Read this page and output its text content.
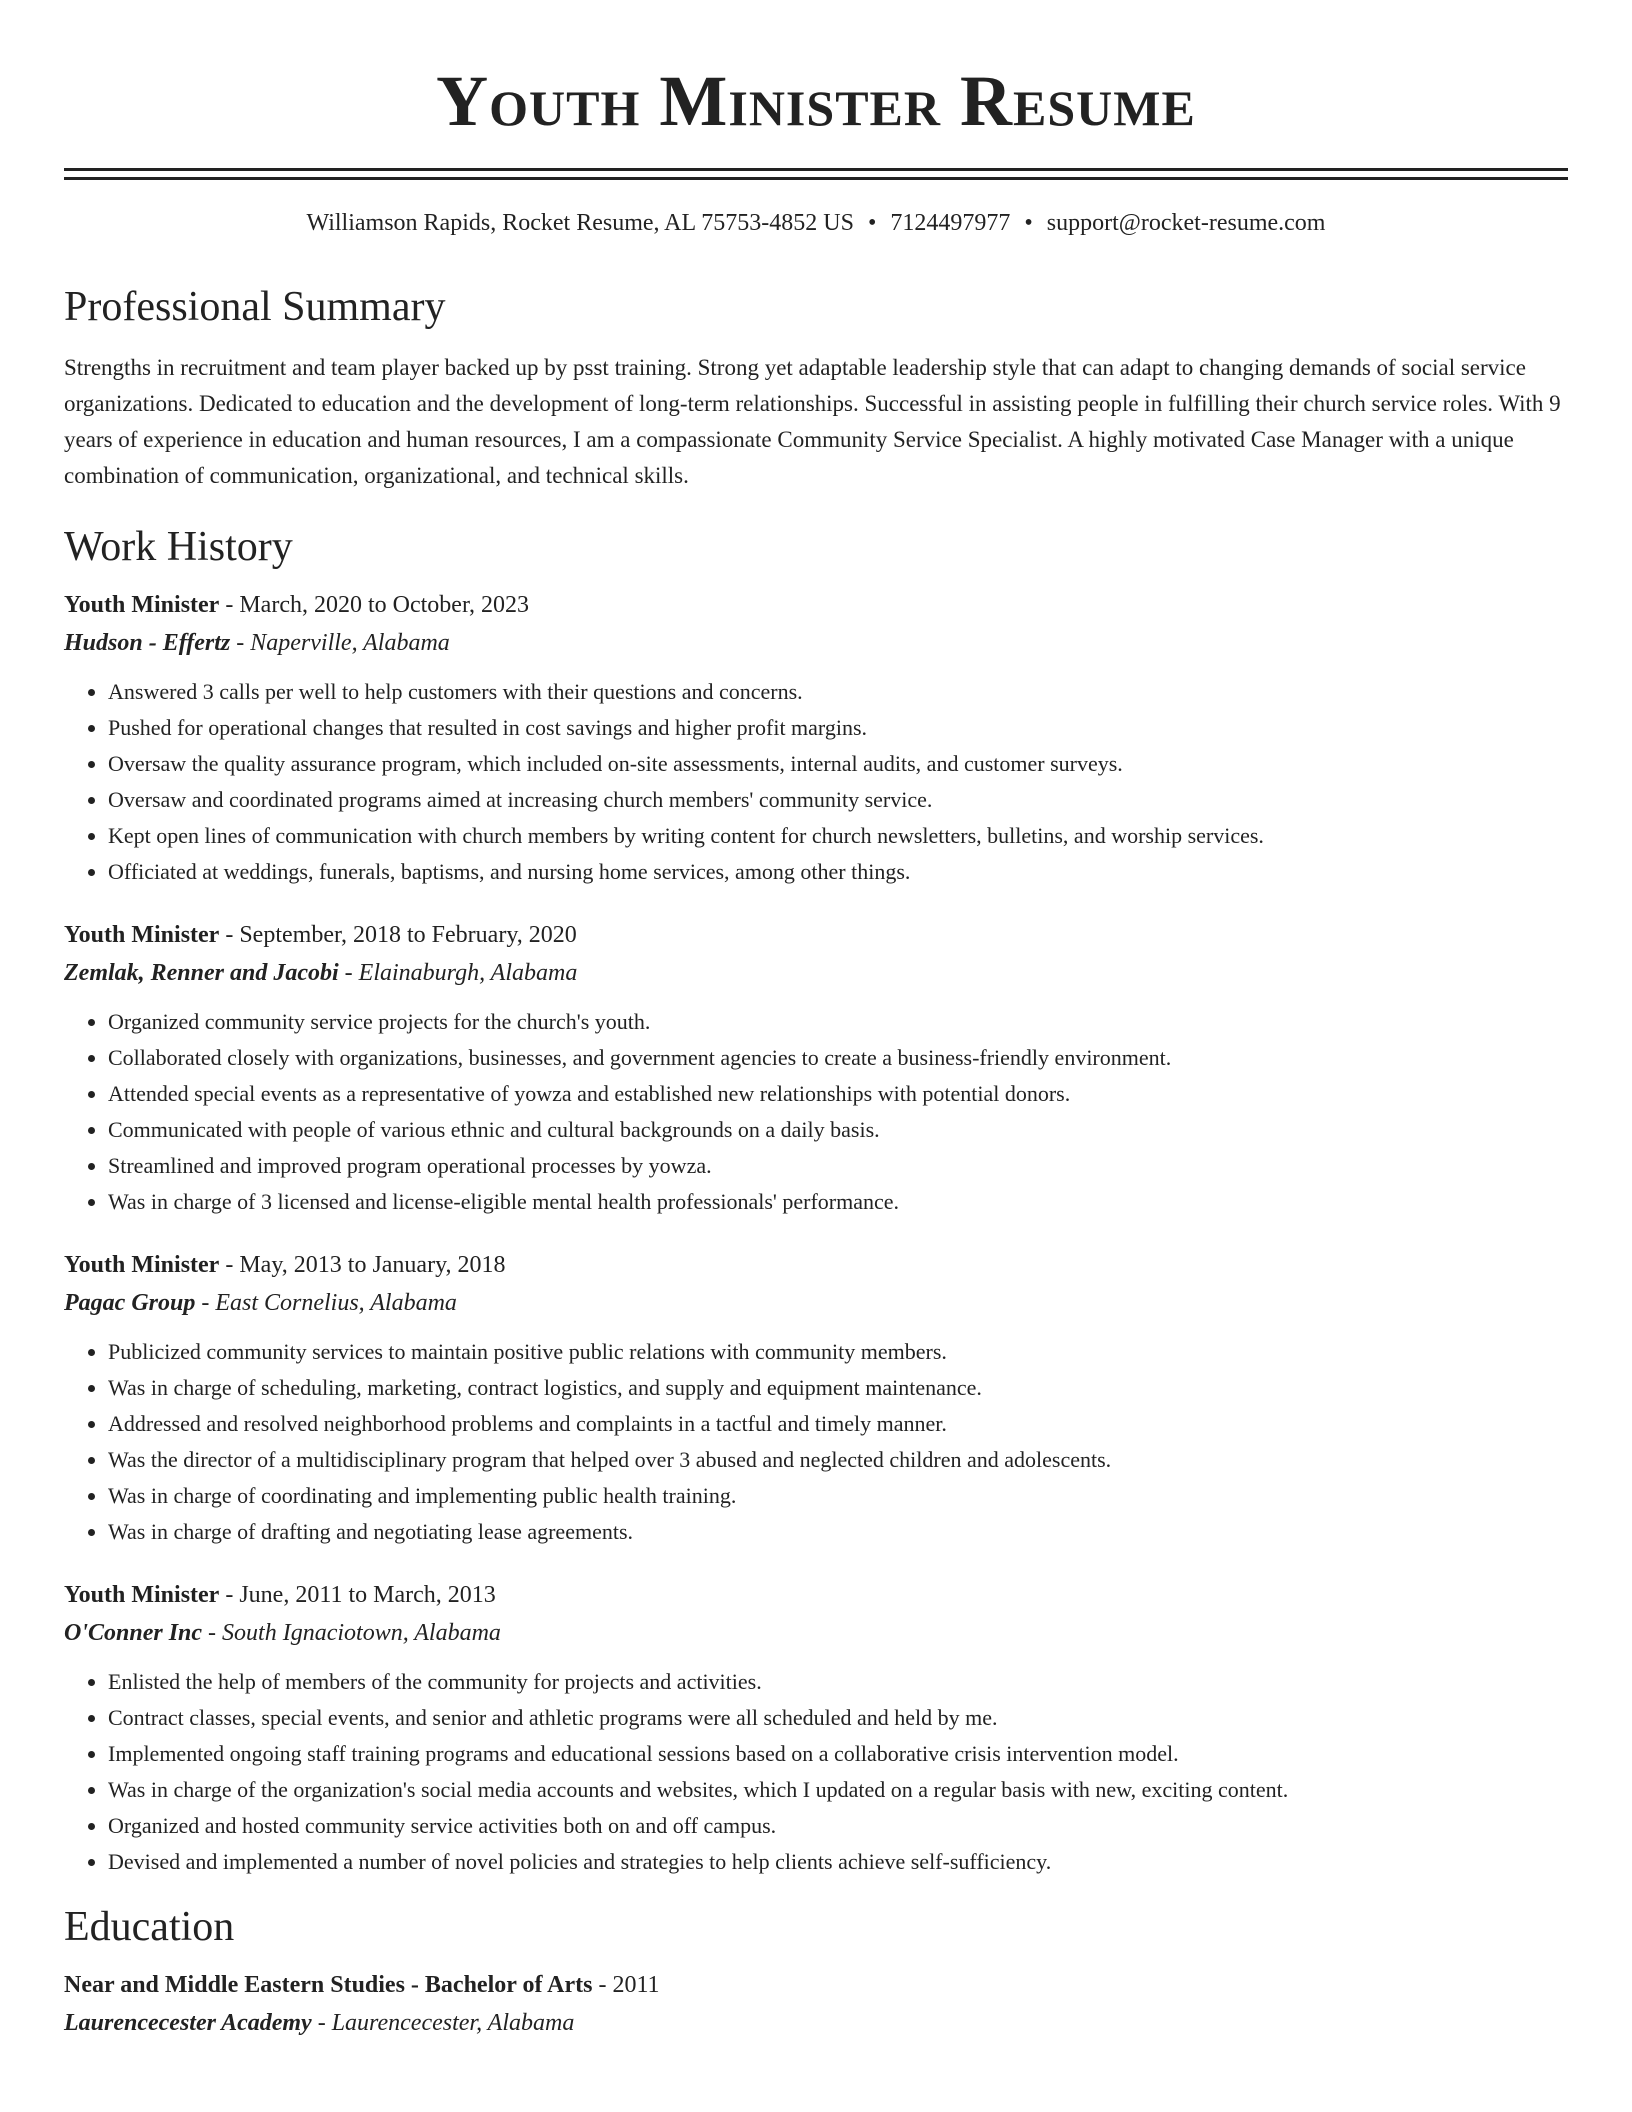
Youth Minister Resume
Williamson Rapids, Rocket Resume, AL 75753-4852 US • 7124497977 • support@rocket-resume.com
Professional Summary

Strengths in recruitment and team player backed up by psst training. Strong yet adaptable leadership style that can adapt to changing demands of social service organizations. Dedicated to education and the development of long-term relationships. Successful in assisting people in fulfilling their church service roles. With 9 years of experience in education and human resources, I am a compassionate Community Service Specialist. A highly motivated Case Manager with a unique combination of communication, organizational, and technical skills.

Work History
Youth Minister - March, 2020 to October, 2023
Hudson - Effertz - Naperville, Alabama
• Answered 3 calls per well to help customers with their questions and concerns.
• Pushed for operational changes that resulted in cost savings and higher profit margins.
• Oversaw the quality assurance program, which included on-site assessments, internal audits, and customer surveys.
• Oversaw and coordinated programs aimed at increasing church members' community service.
• Kept open lines of communication with church members by writing content for church newsletters, bulletins, and worship services.
• Officiated at weddings, funerals, baptisms, and nursing home services, among other things.
Youth Minister - September, 2018 to February, 2020
Zemlak, Renner and Jacobi - Elainaburgh, Alabama
• Organized community service projects for the church's youth.
• Collaborated closely with organizations, businesses, and government agencies to create a business-friendly environment.
• Attended special events as a representative of yowza and established new relationships with potential donors.
• Communicated with people of various ethnic and cultural backgrounds on a daily basis.
• Streamlined and improved program operational processes by yowza.
• Was in charge of 3 licensed and license-eligible mental health professionals' performance.
Youth Minister - May, 2013 to January, 2018
Pagac Group - East Cornelius, Alabama
• Publicized community services to maintain positive public relations with community members.
• Was in charge of scheduling, marketing, contract logistics, and supply and equipment maintenance.
• Addressed and resolved neighborhood problems and complaints in a tactful and timely manner.
• Was the director of a multidisciplinary program that helped over 3 abused and neglected children and adolescents.
• Was in charge of coordinating and implementing public health training.
• Was in charge of drafting and negotiating lease agreements.
Youth Minister - June, 2011 to March, 2013
O'Conner Inc - South Ignaciotown, Alabama
• Enlisted the help of members of the community for projects and activities.
• Contract classes, special events, and senior and athletic programs were all scheduled and held by me.
• Implemented ongoing staff training programs and educational sessions based on a collaborative crisis intervention model.
• Was in charge of the organization's social media accounts and websites, which I updated on a regular basis with new, exciting content.
• Organized and hosted community service activities both on and off campus.
• Devised and implemented a number of novel policies and strategies to help clients achieve self-sufficiency.
Education
Near and Middle Eastern Studies - Bachelor of Arts - 2011
Laurencecester Academy - Laurencecester, Alabama
